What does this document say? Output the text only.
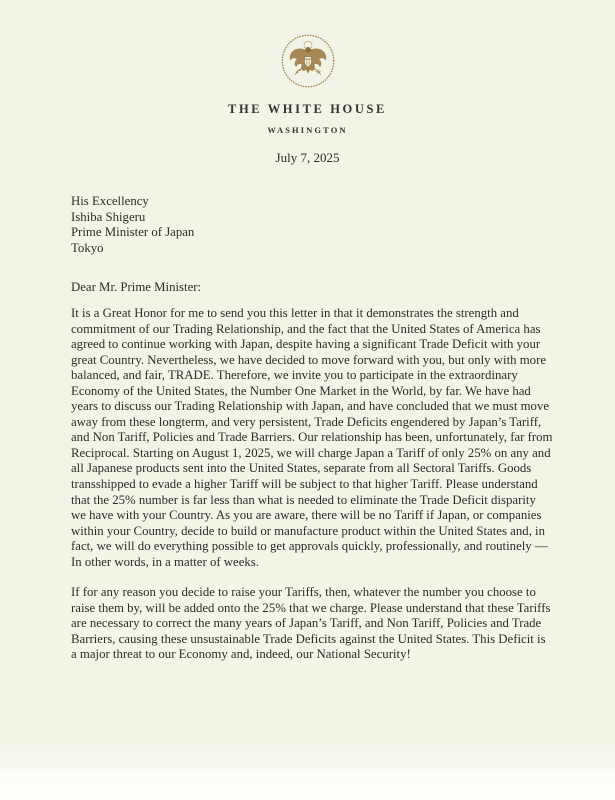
THE WHITE HOUSE
WASHINGTON
July 7, 2025
His Excellency
Ishiba Shigeru
Prime Minister of Japan
Tokyo
Dear Mr. Prime Minister:

It is a Great Honor for me to send you this letter in that it demonstrates the strength and commitment of our Trading Relationship, and the fact that the United States of America has agreed to continue working with Japan, despite having a significant Trade Deficit with your great Country. Nevertheless, we have decided to move forward with you, but only with more balanced, and fair, TRADE. Therefore, we invite you to participate in the extraordinary Economy of the United States, the Number One Market in the World, by far. We have had years to discuss our Trading Relationship with Japan, and have concluded that we must move away from these longterm, and very persistent, Trade Deficits engendered by Japan’s Tariff, and Non Tariff, Policies and Trade Barriers. Our relationship has been, unfortunately, far from Reciprocal. Starting on August 1, 2025, we will charge Japan a Tariff of only 25% on any and all Japanese products sent into the United States, separate from all Sectoral Tariffs. Goods transshipped to evade a higher Tariff will be subject to that higher Tariff. Please understand that the 25% number is far less than what is needed to eliminate the Trade Deficit disparity we have with your Country. As you are aware, there will be no Tariff if Japan, or companies within your Country, decide to build or manufacture product within the United States and, in fact, we will do everything possible to get approvals quickly, professionally, and routinely — In other words, in a matter of weeks.

If for any reason you decide to raise your Tariffs, then, whatever the number you choose to raise them by, will be added onto the 25% that we charge. Please understand that these Tariffs are necessary to correct the many years of Japan’s Tariff, and Non Tariff, Policies and Trade Barriers, causing these unsustainable Trade Deficits against the United States. This Deficit is a major threat to our Economy and, indeed, our National Security!
